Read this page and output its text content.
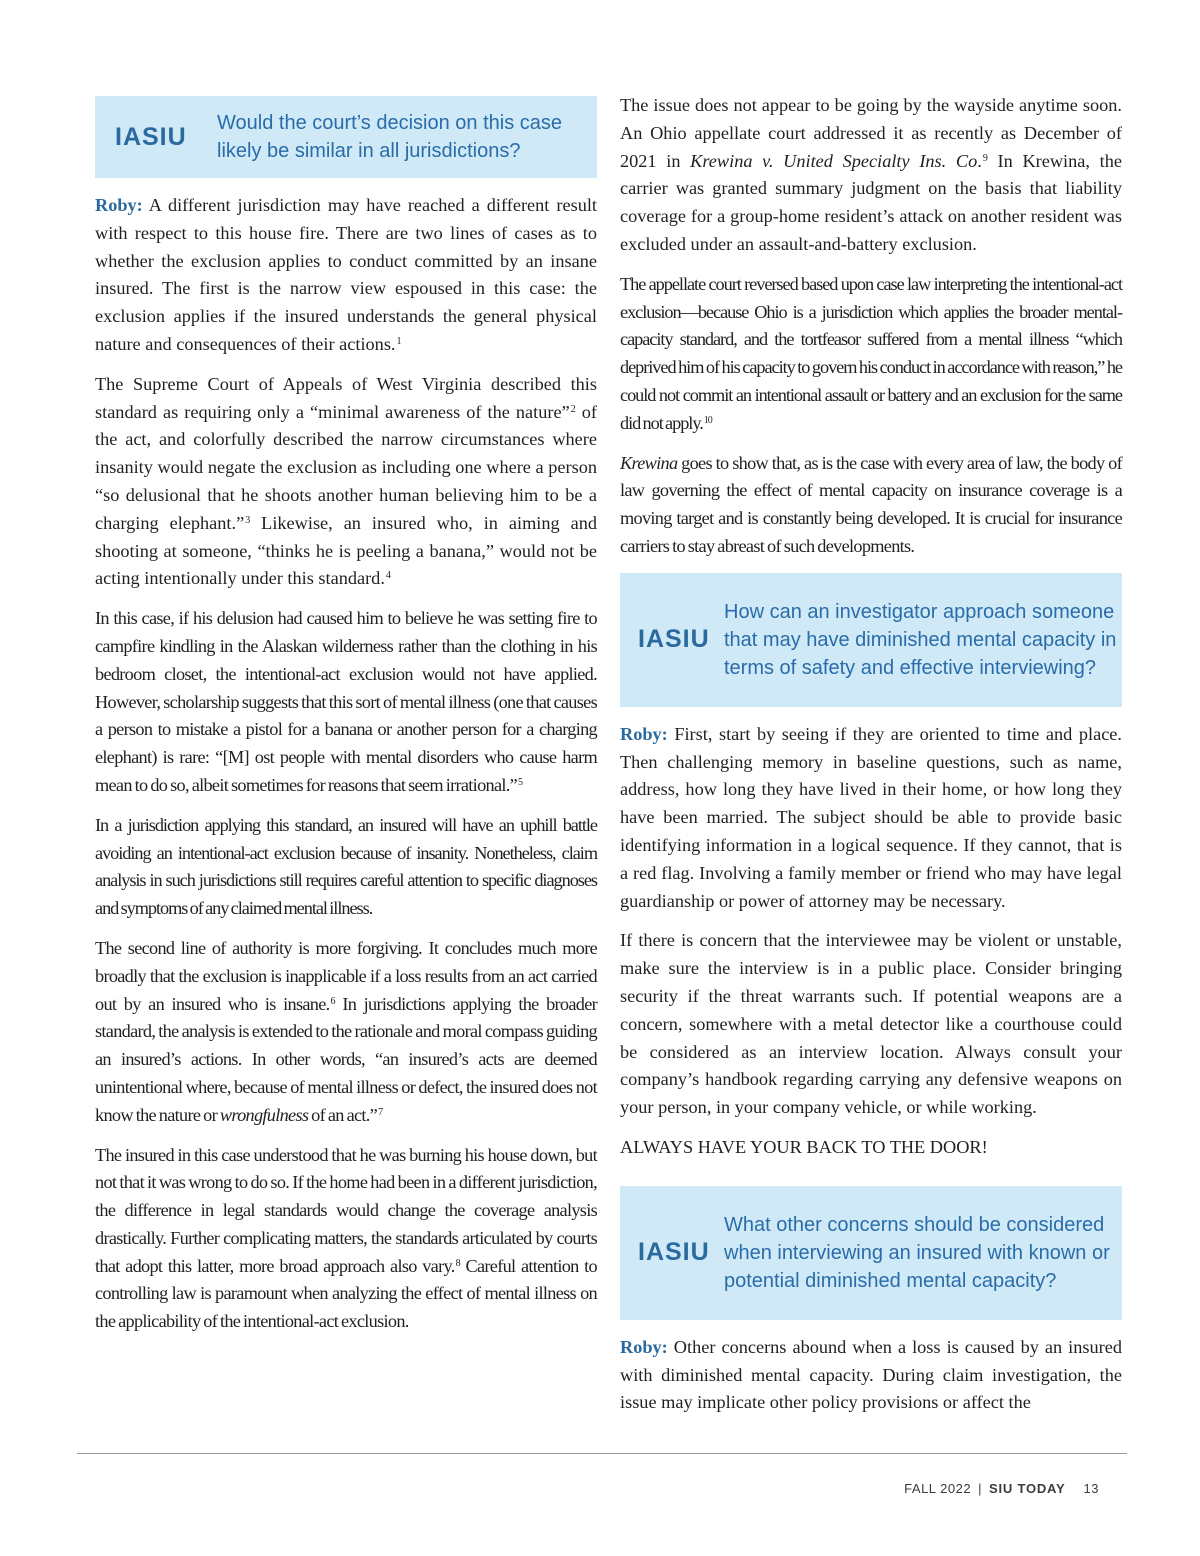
IASIU	Would the court’s decision on this case likely be similar in all jurisdictions?

Roby: A different jurisdiction may have reached a different result with respect to this house fire. There are two lines of cases as to whether the exclusion applies to conduct committed by an insane insured. The first is the narrow view espoused in this case: the exclusion applies if the insured understands the general physical nature and consequences of their actions.$^1$

The Supreme Court of Appeals of West Virginia described this standard as requiring only a “minimal awareness of the nature”$^2$ of the act, and colorfully described the narrow circumstances where insanity would negate the exclusion as including one where a person “so delusional that he shoots another human believing him to be a charging elephant.”$^3$ Likewise, an insured who, in aiming and shooting at someone, “thinks he is peeling a banana,” would not be acting intentionally under this standard.$^4$

In this case, if his delusion had caused him to believe he was setting fire to campfire kindling in the Alaskan wilderness rather than the clothing in his bedroom closet, the intentional-act exclusion would not have applied. However, scholarship suggests that this sort of mental illness (one that causes a person to mistake a pistol for a banana or another person for a charging elephant) is rare: “[M] ost people with mental disorders who cause harm mean to do so, albeit sometimes for reasons that seem irrational.”$^5$

In a jurisdiction applying this standard, an insured will have an uphill battle avoiding an intentional-act exclusion because of insanity. Nonetheless, claim analysis in such jurisdictions still requires careful attention to specific diagnoses and symptoms of any claimed mental illness.

The second line of authority is more forgiving. It concludes much more broadly that the exclusion is inapplicable if a loss results from an act carried out by an insured who is insane.$^6$ In jurisdictions applying the broader standard, the analysis is extended to the rationale and moral compass guiding an insured’s actions. In other words, “an insured’s acts are deemed unintentional where, because of mental illness or defect, the insured does not know the nature or wrongfulness of an act.”$^7$

The insured in this case understood that he was burning his house down, but not that it was wrong to do so. If the home had been in a different jurisdiction, the difference in legal standards would change the coverage analysis drastically. Further complicating matters, the standards articulated by courts that adopt this latter, more broad approach also vary.$^8$ Careful attention to controlling law is paramount when analyzing the effect of mental illness on the applicability of the intentional-act exclusion.

The issue does not appear to be going by the wayside anytime soon. An Ohio appellate court addressed it as recently as December of 2021 in Krewina v. United Specialty Ins. Co.$^9$ In Krewina, the carrier was granted summary judgment on the basis that liability coverage for a group-home resident’s attack on another resident was excluded under an assault-and-battery exclusion.

The appellate court reversed based upon case law interpreting the intentional-act exclusion—because Ohio is a jurisdiction which applies the broader mental-capacity standard, and the tortfeasor suffered from a mental illness “which deprived him of his capacity to govern his conduct in accordance with reason,” he could not commit an intentional assault or battery and an exclusion for the same did not apply.$^{10}$

Krewina goes to show that, as is the case with every area of law, the body of law governing the effect of mental capacity on insurance coverage is a moving target and is constantly being developed. It is crucial for insurance carriers to stay abreast of such developments.

IASIU
How can an investigator approach someone that may have diminished mental capacity in terms of safety and effective interviewing?

Roby: First, start by seeing if they are oriented to time and place. Then challenging memory in baseline questions, such as name, address, how long they have lived in their home, or how long they have been married. The subject should be able to provide basic identifying information in a logical sequence. If they cannot, that is a red flag. Involving a family member or friend who may have legal guardianship or power of attorney may be necessary.

If there is concern that the interviewee may be violent or unstable, make sure the interview is in a public place. Consider bringing security if the threat warrants such. If potential weapons are a concern, somewhere with a metal detector like a courthouse could be considered as an interview location. Always consult your company’s handbook regarding carrying any defensive weapons on your person, in your company vehicle, or while working.

ALWAYS HAVE YOUR BACK TO THE DOOR!

IASIU
What other concerns should be considered when interviewing an insured with known or potential diminished mental capacity?

Roby: Other concerns abound when a loss is caused by an insured with diminished mental capacity. During claim investigation, the issue may implicate other policy provisions or affect the

FALL 2022 | SIU TODAY 13
